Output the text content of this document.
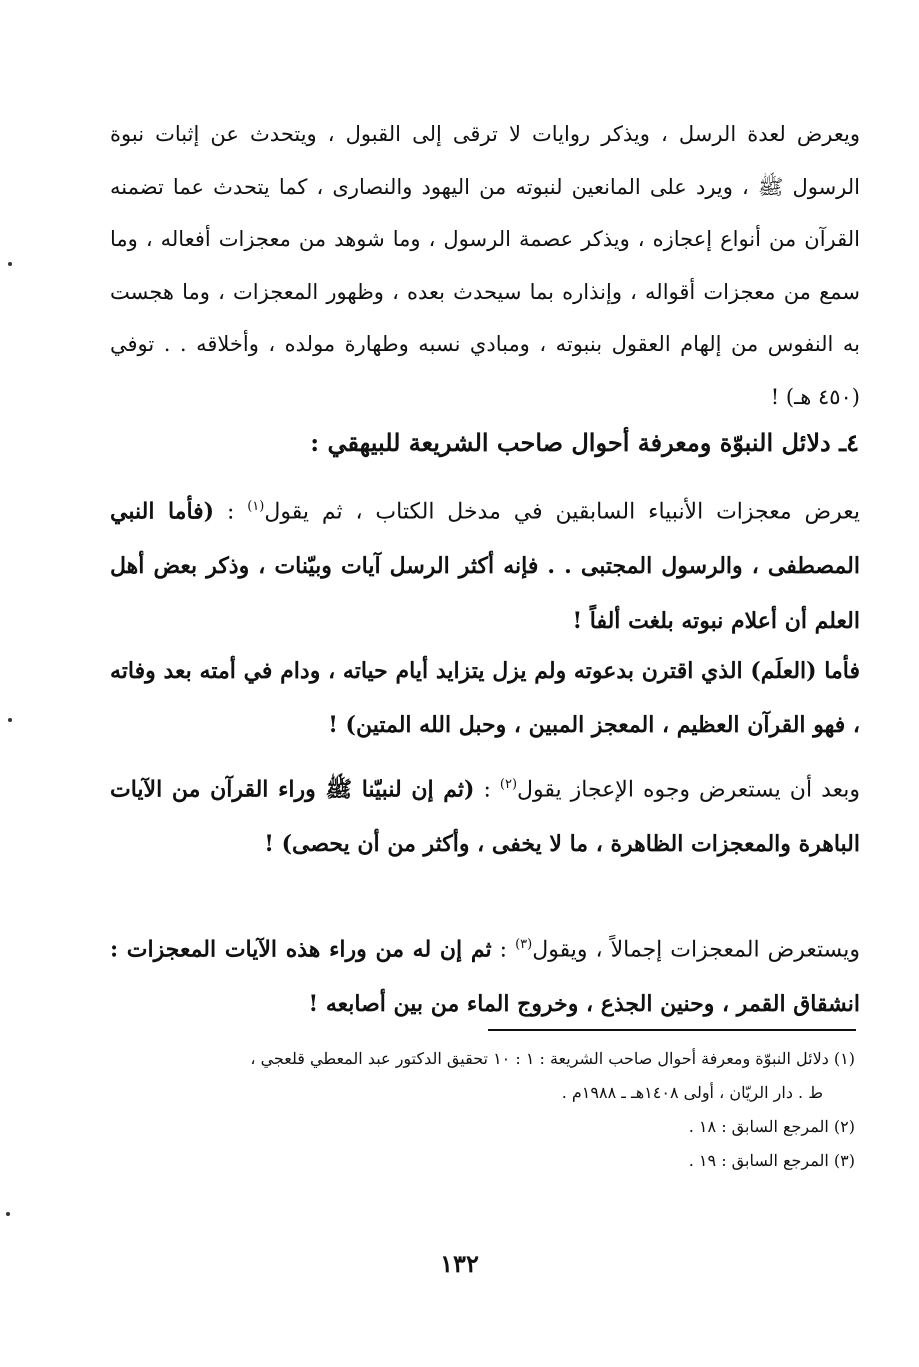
ويعرض لعدة الرسل ، ويذكر روايات لا ترقى إلى القبول ، ويتحدث عن إثبات نبوة الرسول ﷺ ، ويرد على المانعين لنبوته من اليهود والنصارى ، كما يتحدث عما تضمنه القرآن من أنواع إعجازه ، ويذكر عصمة الرسول ، وما شوهد من معجزات أفعاله ، وما سمع من معجزات أقواله ، وإنذاره بما سيحدث بعده ، وظهور المعجزات ، وما هجست به النفوس من إلهام العقول بنبوته ، ومبادي نسبه وطهارة مولده ، وأخلاقه . . توفي (٤٥٠ هـ) !
٤ـ دلائل النبوّة ومعرفة أحوال صاحب الشريعة للبيهقي :
يعرض معجزات الأنبياء السابقين في مدخل الكتاب ، ثم يقول$^{(١)}$ : (فأما النبي المصطفى ، والرسول المجتبى . . فإنه أكثر الرسل آيات وبيّنات ، وذكر بعض أهل العلم أن أعلام نبوته بلغت ألفاً !
فأما (العلَم) الذي اقترن بدعوته ولم يزل يتزايد أيام حياته ، ودام في أمته بعد وفاته ، فهو القرآن العظيم ، المعجز المبين ، وحبل الله المتين) !
وبعد أن يستعرض وجوه الإعجاز يقول$^{(٢)}$ : (ثم إن لنبيّنا ﷺ وراء القرآن من الآيات الباهرة والمعجزات الظاهرة ، ما لا يخفى ، وأكثر من أن يحصى) !
ويستعرض المعجزات إجمالاً ، ويقول$^{(٣)}$ : ثم إن له من وراء هذه الآيات المعجزات : انشقاق القمر ، وحنين الجذع ، وخروج الماء من بين أصابعه !
(١) دلائل النبوّة ومعرفة أحوال صاحب الشريعة : ١ : ١٠ تحقيق الدكتور عبد المعطي قلعجي ،
ط . دار الريّان ، أولى ١٤٠٨هـ ـ ١٩٨٨م .
(٢) المرجع السابق : ١٨ .
(٣) المرجع السابق : ١٩ .
١٣٢
